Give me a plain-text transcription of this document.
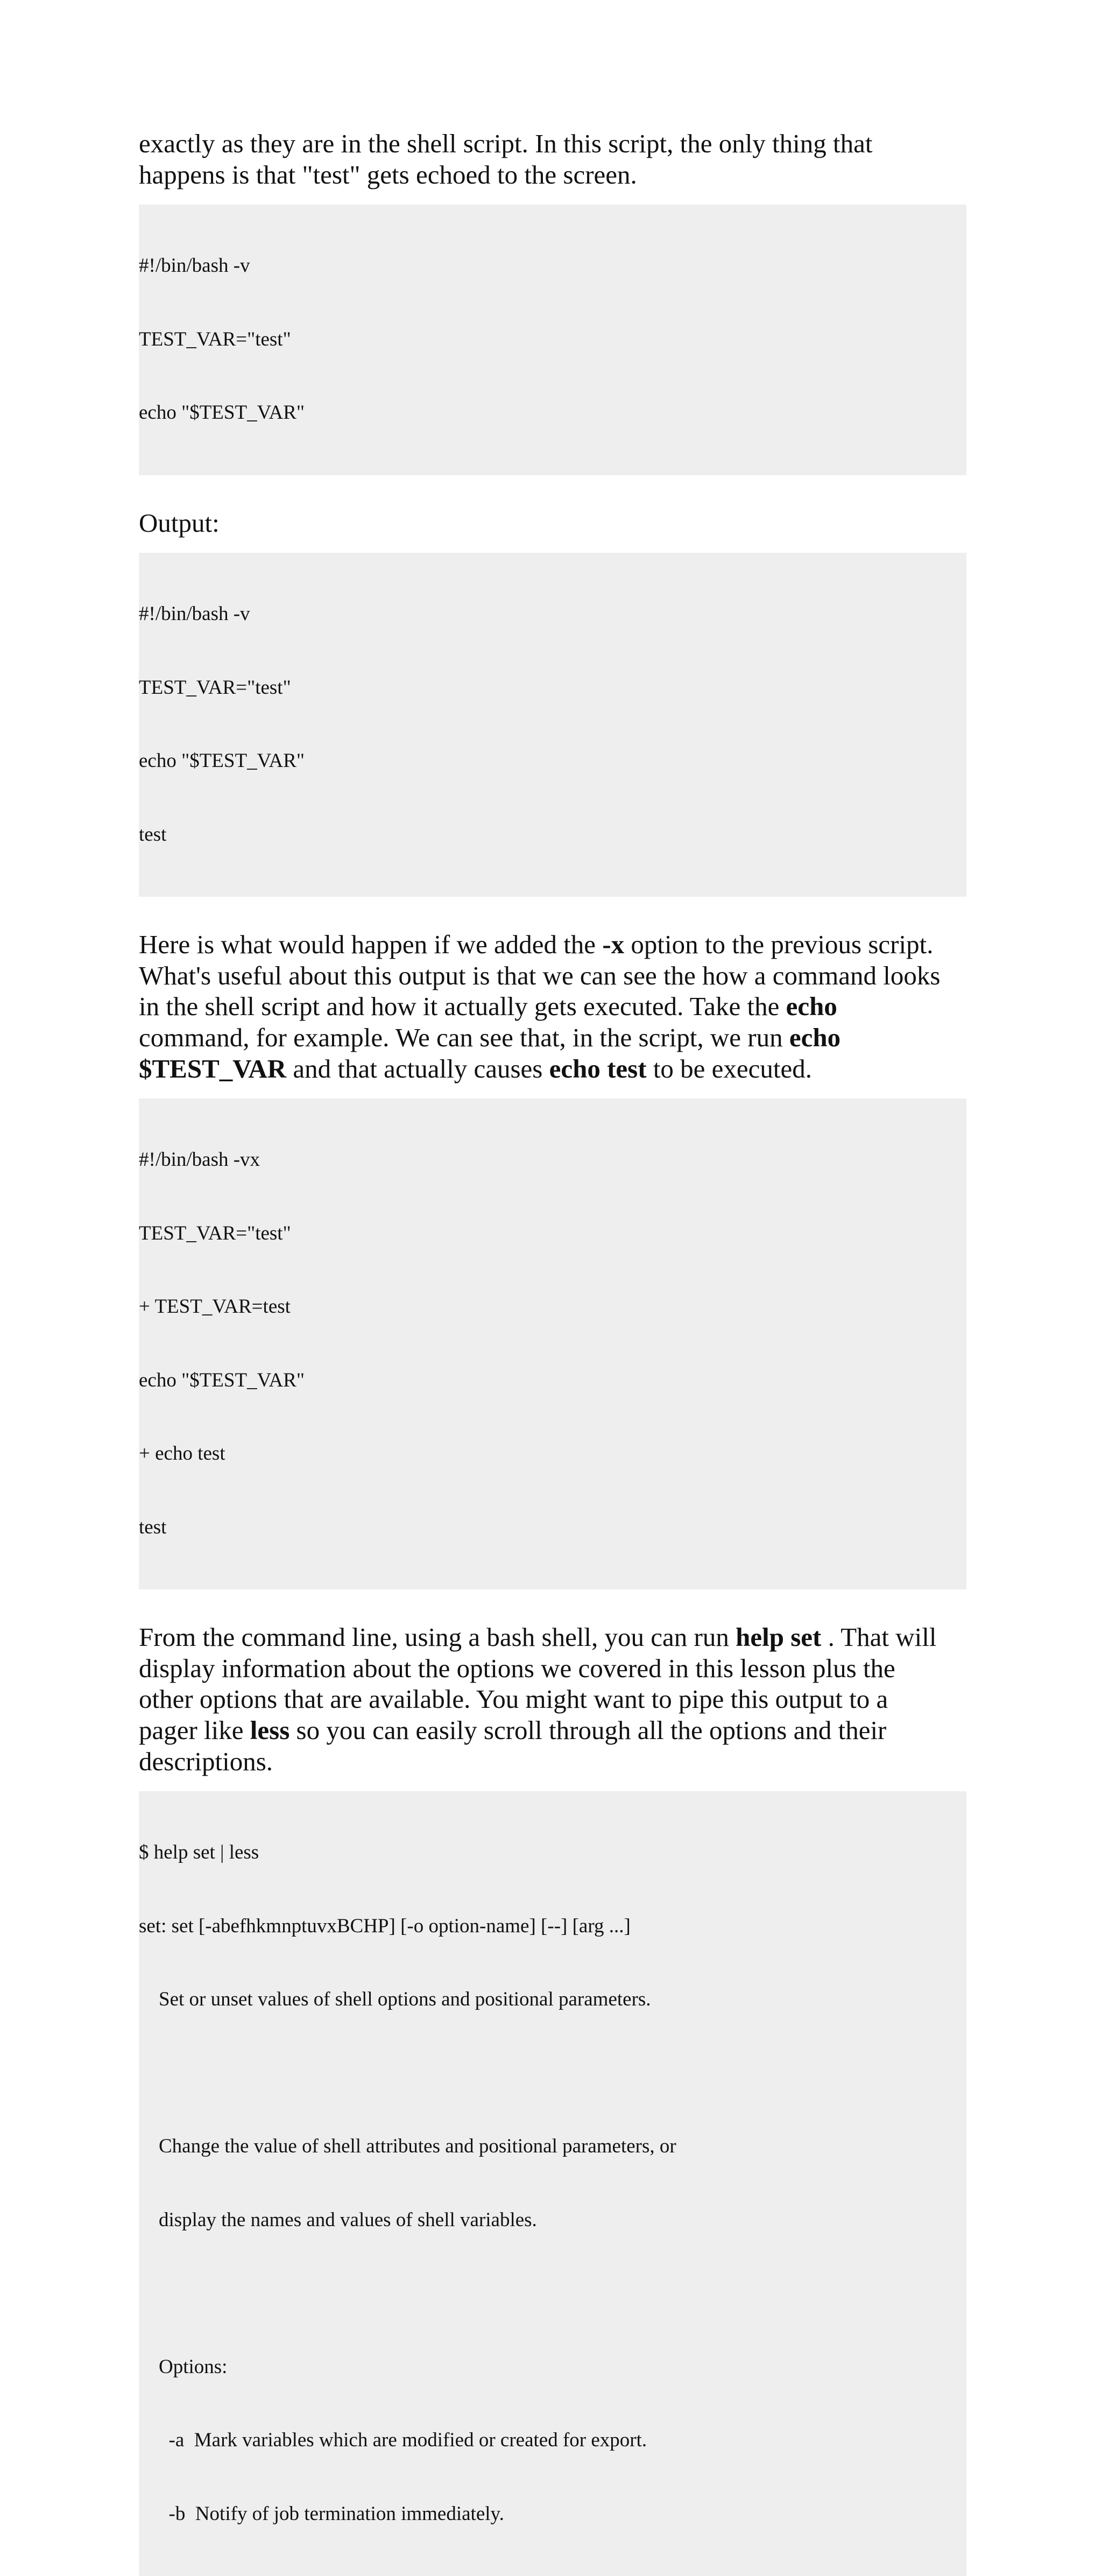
exactly as they are in the shell script. In this script, the only thing that
happens is that "test" gets echoed to the screen.

#!/bin/bash -v

TEST_VAR="test"

echo "$TEST_VAR"

Output:

#!/bin/bash -v

TEST_VAR="test"

echo "$TEST_VAR"

test

Here is what would happen if we added the -x option to the previous script.
What's useful about this output is that we can see the how a command looks
in the shell script and how it actually gets executed. Take the echo
command, for example. We can see that, in the script, we run echo
$TEST_VAR and that actually causes echo test to be executed.

#!/bin/bash -vx

TEST_VAR="test"

+ TEST_VAR=test

echo "$TEST_VAR"

+ echo test

test

From the command line, using a bash shell, you can run help set . That will
display information about the options we covered in this lesson plus the
other options that are available. You might want to pipe this output to a
pager like less so you can easily scroll through all the options and their
descriptions.

$ help set | less

set: set [-abefhkmnptuvxBCHP] [-o option-name] [--] [arg ...]

Set or unset values of shell options and positional parameters.

Change the value of shell attributes and positional parameters, or

display the names and values of shell variables.

Options:

-a  Mark variables which are modified or created for export.

-b  Notify of job termination immediately.
